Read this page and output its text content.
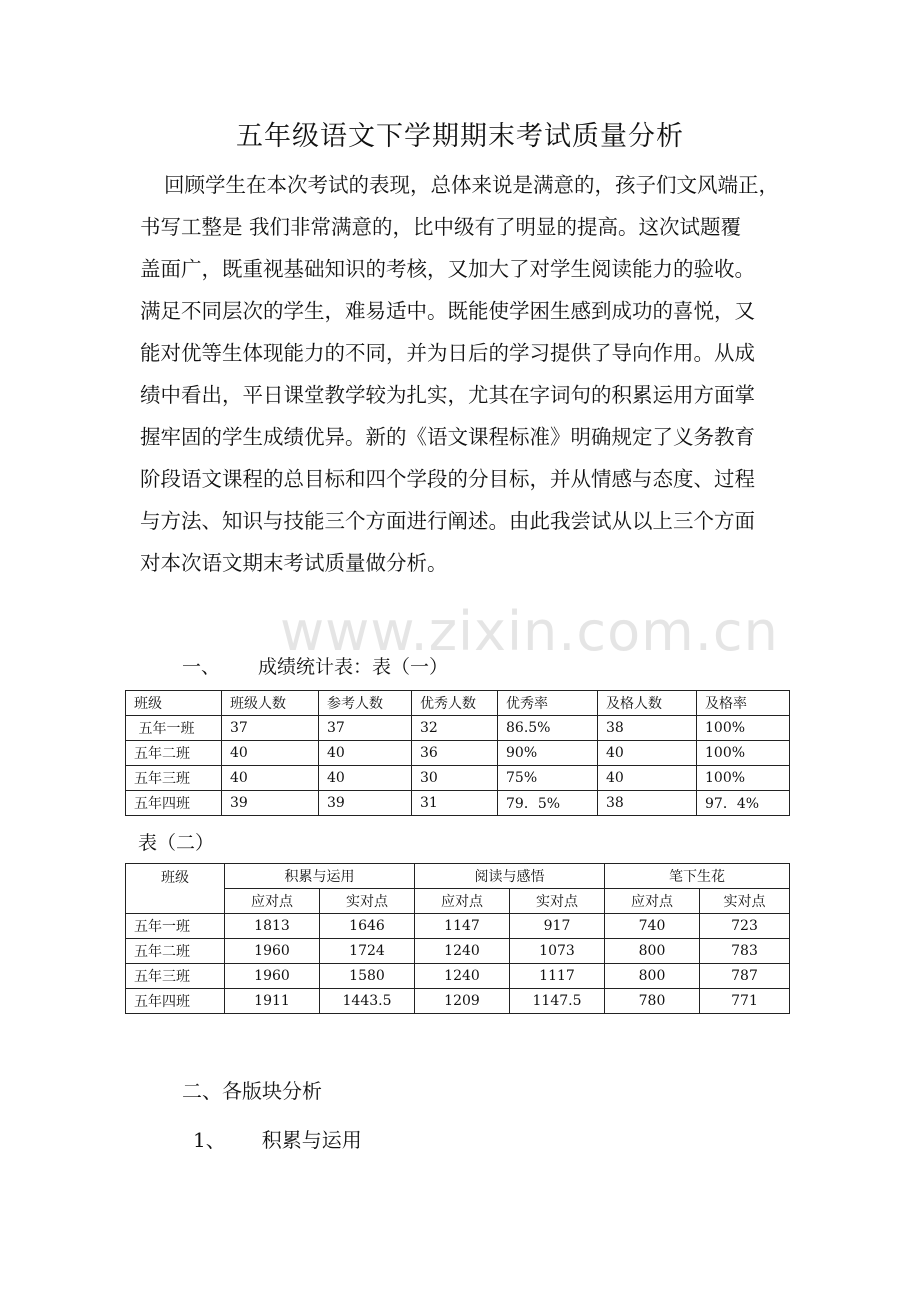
五年级语文下学期期末考试质量分析

回顾学生在本次考试的表现，总体来说是满意的，孩子们文风端正，

书写工整是 我们非常满意的，比中级有了明显的提高。这次试题覆

盖面广，既重视基础知识的考核，又加大了对学生阅读能力的验收。

满足不同层次的学生，难易适中。既能使学困生感到成功的喜悦，又

能对优等生体现能力的不同，并为日后的学习提供了导向作用。从成

绩中看出，平日课堂教学较为扎实，尤其在字词句的积累运用方面掌

握牢固的学生成绩优异。新的《语文课程标准》明确规定了义务教育

阶段语文课程的总目标和四个学段的分目标，并从情感与态度、过程

与方法、知识与技能三个方面进行阐述。由此我尝试从以上三个方面

对本次语文期末考试质量做分析。

www.zixin.com.cn
一、 成绩统计表：表（一）
班级	班级人数	参考人数	优秀人数	优秀率	及格人数	及格率
五年一班	37	37	32	86.5%	38	100%
五年二班	40	40	36	90%	40	100%
五年三班	40	40	30	75%	40	100%
五年四班	39	39	31	79．5%	38	97．4%
表（二）
班级	积累与运用		阅读与感悟		笔下生花	
	应对点	实对点	应对点	实对点	应对点	实对点
五年一班	1813	1646	1147	917	740	723
五年二班	1960	1724	1240	1073	800	783
五年三班	1960	1580	1240	1117	800	787
五年四班	1911	1443.5	1209	1147.5	780	771
二、各版块分析
1、 积累与运用
